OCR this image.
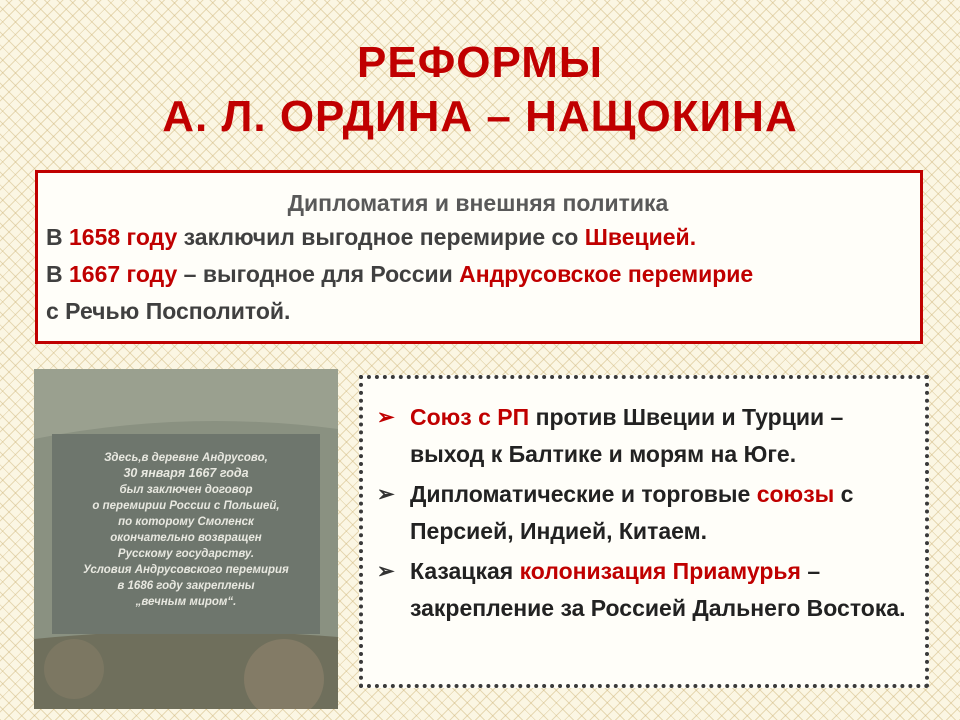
РЕФОРМЫ
А. Л. ОРДИНА – НАЩОКИНА
Дипломатия и внешняя политика

В 1658 году заключил выгодное перемирие со Швецией.

В 1667 году – выгодное для России Андрусовское перемирие
с Речью Посполитой.

Здесь,в деревне Андрусово,
30 января 1667 года
был заключен договор
о перемирии России с Польшей,
по которому Смоленск
окончательно возвращен
Русскому государству.
Условия Андрусовского перемирия
в 1686 году закреплены
„вечным миром“.
➢ Союз с РП против Швеции и Турции – выход к Балтике и морям на Юге.
➢ Дипломатические и торговые союзы с Персией, Индией, Китаем.
➢ Казацкая колонизация Приамурья – закрепление за Россией Дальнего Востока.
